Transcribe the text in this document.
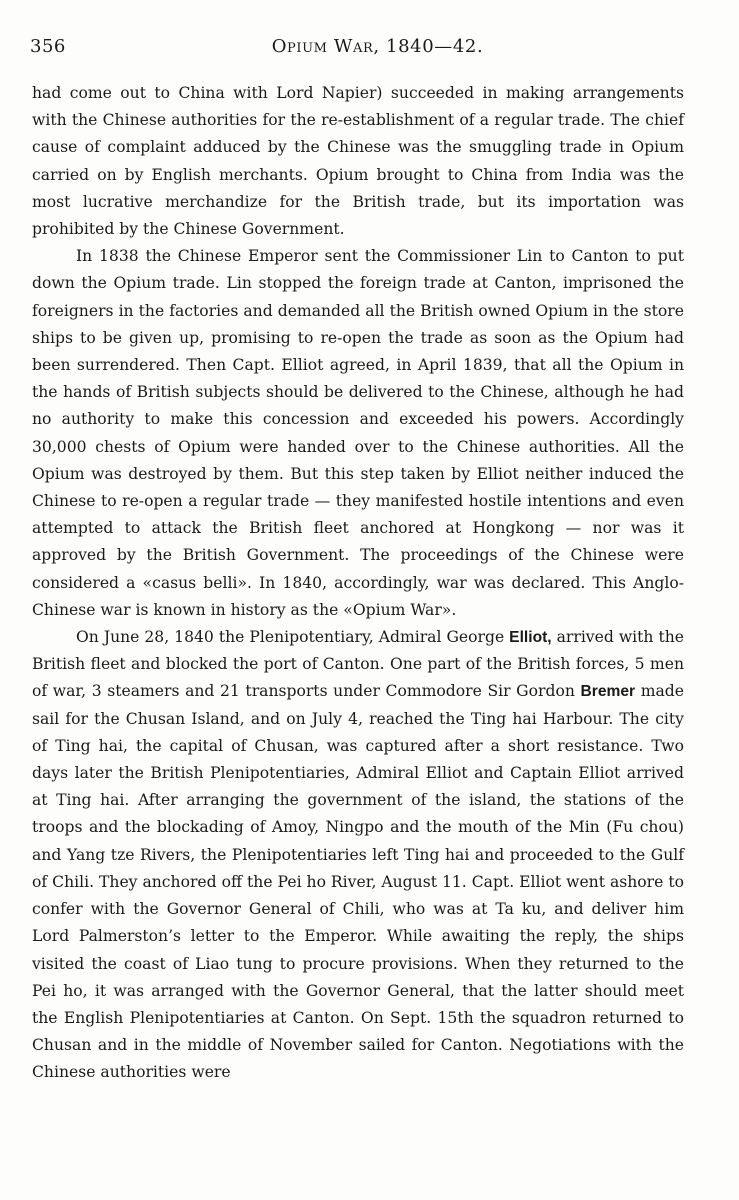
356	Opium War, 1840—42.

had come out to China with Lord Napier) succeeded in making arrangements with the Chinese authorities for the re-establishment of a regular trade. The chief cause of complaint adduced by the Chinese was the smuggling trade in Opium carried on by English merchants. Opium brought to China from India was the most lucrative merchandize for the British trade, but its importation was prohibited by the Chinese Government.

In 1838 the Chinese Emperor sent the Commissioner Lin to Canton to put down the Opium trade. Lin stopped the foreign trade at Canton, imprisoned the foreigners in the factories and demanded all the British owned Opium in the store ships to be given up, promising to re-open the trade as soon as the Opium had been surrendered. Then Capt. Elliot agreed, in April 1839, that all the Opium in the hands of British subjects should be delivered to the Chinese, although he had no authority to make this concession and exceeded his powers. Accordingly 30,000 chests of Opium were handed over to the Chinese authorities. All the Opium was destroyed by them. But this step taken by Elliot neither induced the Chinese to re-open a regular trade — they manifested hostile intentions and even attempted to attack the British fleet anchored at Hongkong — nor was it approved by the British Government. The proceedings of the Chinese were considered a «casus belli». In 1840, accordingly, war was declared. This Anglo-Chinese war is known in history as the «Opium War».

On June 28, 1840 the Plenipotentiary, Admiral George Elliot, arrived with the British fleet and blocked the port of Canton. One part of the British forces, 5 men of war, 3 steamers and 21 transports under Commodore Sir Gordon Bremer made sail for the Chusan Island, and on July 4, reached the Ting hai Harbour. The city of Ting hai, the capital of Chusan, was captured after a short resistance. Two days later the British Plenipotentiaries, Admiral Elliot and Captain Elliot arrived at Ting hai. After arranging the government of the island, the stations of the troops and the blockading of Amoy, Ningpo and the mouth of the Min (Fu chou) and Yang tze Rivers, the Plenipotentiaries left Ting hai and proceeded to the Gulf of Chili. They anchored off the Pei ho River, August 11. Capt. Elliot went ashore to confer with the Governor General of Chili, who was at Ta ku, and deliver him Lord Palmerston’s letter to the Emperor. While awaiting the reply, the ships visited the coast of Liao tung to procure provisions. When they returned to the Pei ho, it was arranged with the Governor General, that the latter should meet the English Plenipotentiaries at Canton. On Sept. 15th the squadron returned to Chusan and in the middle of November sailed for Canton. Negotiations with the Chinese authorities were
